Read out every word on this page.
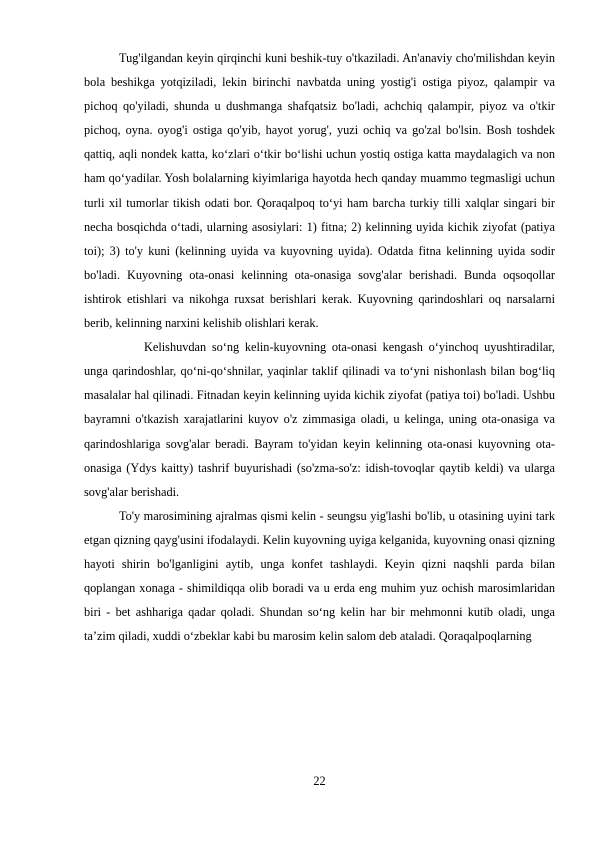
Tug'ilgandan keyin qirqinchi kuni beshik-tuy o'tkaziladi. An'anaviy cho'milishdan keyin bola beshikga yotqiziladi, lekin birinchi navbatda uning yostig'i ostiga piyoz, qalampir va pichoq qo'yiladi, shunda u dushmanga shafqatsiz bo'ladi, achchiq qalampir, piyoz va o'tkir pichoq, oyna. oyog'i ostiga qo'yib, hayot yorug', yuzi ochiq va go'zal bo'lsin. Bosh toshdek qattiq, aqli nondek katta, ko‘zlari o‘tkir bo‘lishi uchun yostiq ostiga katta maydalagich va non ham qo‘yadilar. Yosh bolalarning kiyimlariga hayotda hech qanday muammo tegmasligi uchun turli xil tumorlar tikish odati bor. Qoraqalpoq to‘yi ham barcha turkiy tilli xalqlar singari bir necha bosqichda o‘tadi, ularning asosiylari: 1) fitna; 2) kelinning uyida kichik ziyofat (patiya toi); 3) to'y kuni (kelinning uyida va kuyovning uyida). Odatda fitna kelinning uyida sodir bo'ladi. Kuyovning ota-onasi kelinning ota-onasiga sovg'alar berishadi. Bunda oqsoqollar ishtirok etishlari va nikohga ruxsat berishlari kerak. Kuyovning qarindoshlari oq narsalarni berib, kelinning narxini kelishib olishlari kerak.

Kelishuvdan so‘ng kelin-kuyovning ota-onasi kengash o‘yinchoq uyushtiradilar, unga qarindoshlar, qo‘ni-qo‘shnilar, yaqinlar taklif qilinadi va to‘yni nishonlash bilan bog‘liq masalalar hal qilinadi. Fitnadan keyin kelinning uyida kichik ziyofat (patiya toi) bo'ladi. Ushbu bayramni o'tkazish xarajatlarini kuyov o'z zimmasiga oladi, u kelinga, uning ota-onasiga va qarindoshlariga sovg'alar beradi. Bayram to'yidan keyin kelinning ota-onasi kuyovning ota-onasiga (Ydys kaitty) tashrif buyurishadi (so'zma-so'z: idish-tovoqlar qaytib keldi) va ularga sovg'alar berishadi.

To'y marosimining ajralmas qismi kelin - seungsu yig'lashi bo'lib, u otasining uyini tark etgan qizning qayg'usini ifodalaydi. Kelin kuyovning uyiga kelganida, kuyovning onasi qizning hayoti shirin bo'lganligini aytib, unga konfet tashlaydi. Keyin qizni naqshli parda bilan qoplangan xonaga - shimildiqqa olib boradi va u erda eng muhim yuz ochish marosimlaridan biri - bet ashhariga qadar qoladi. Shundan so‘ng kelin har bir mehmonni kutib oladi, unga ta’zim qiladi, xuddi o‘zbeklar kabi bu marosim kelin salom deb ataladi. Qoraqalpoqlarning

22
